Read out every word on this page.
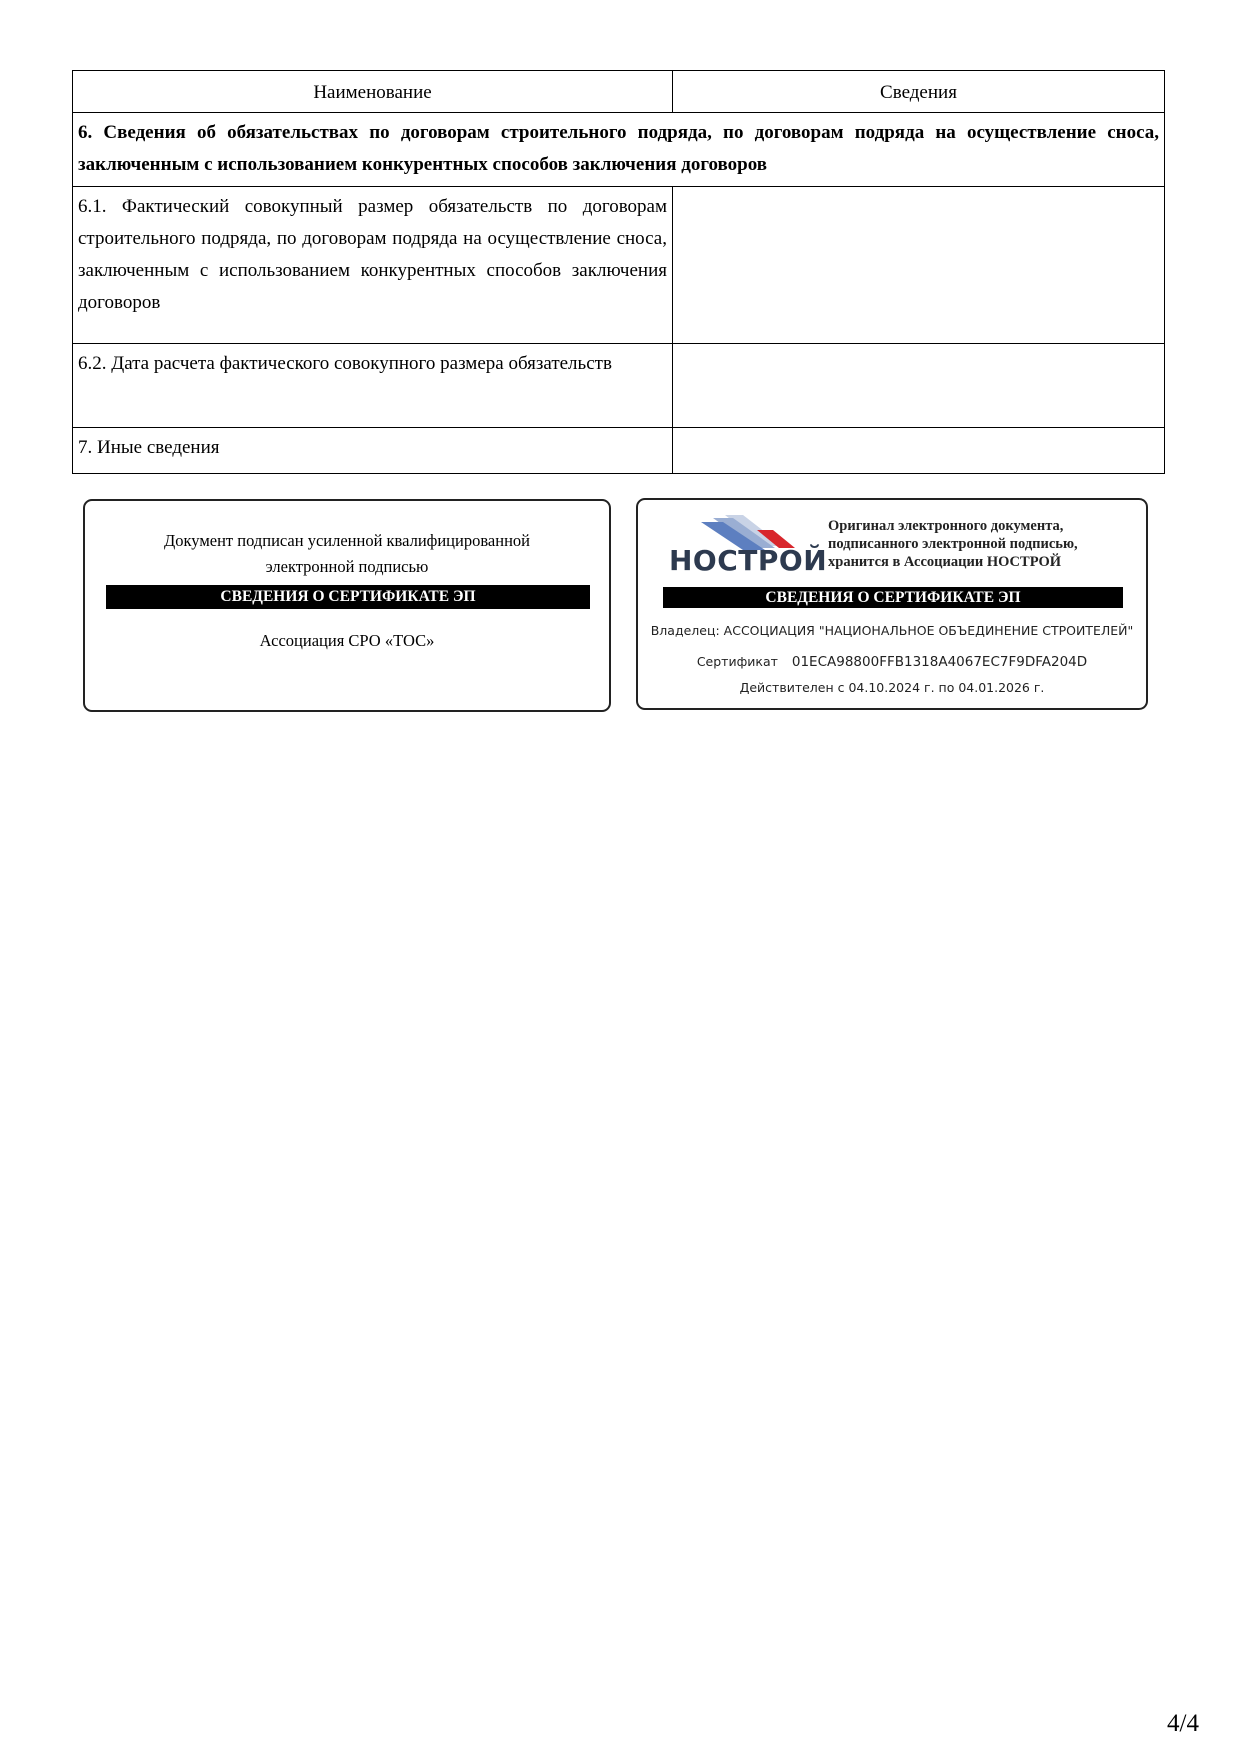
Наименование	Сведения
6. Сведения об обязательствах по договорам строительного подряда, по договорам подряда на осуществление сноса, заключенным с использованием конкурентных способов заключения договоров	
6.1. Фактический совокупный размер обязательств по договорам строительного подряда, по договорам подряда на осуществление сноса, заключенным с использованием конкурентных способов заключения договоров	
6.2. Дата расчета фактического совокупного размера обязательств	
7. Иные сведения	
Документ подписан усиленной квалифицированной
электронной подписью
СВЕДЕНИЯ О СЕРТИФИКАТЕ ЭП
Ассоциация СРО «ТОС»
НОСТРОЙ
Оригинал электронного документа,
подписанного электронной подписью,
хранится в Ассоциации НОСТРОЙ
СВЕДЕНИЯ О СЕРТИФИКАТЕ ЭП
Владелец: АССОЦИАЦИЯ "НАЦИОНАЛЬНОЕ ОБЪЕДИНЕНИЕ СТРОИТЕЛЕЙ"
Сертификат 01ECA98800FFB1318A4067EC7F9DFA204D
Действителен с 04.10.2024 г. по 04.01.2026 г.
4/4
